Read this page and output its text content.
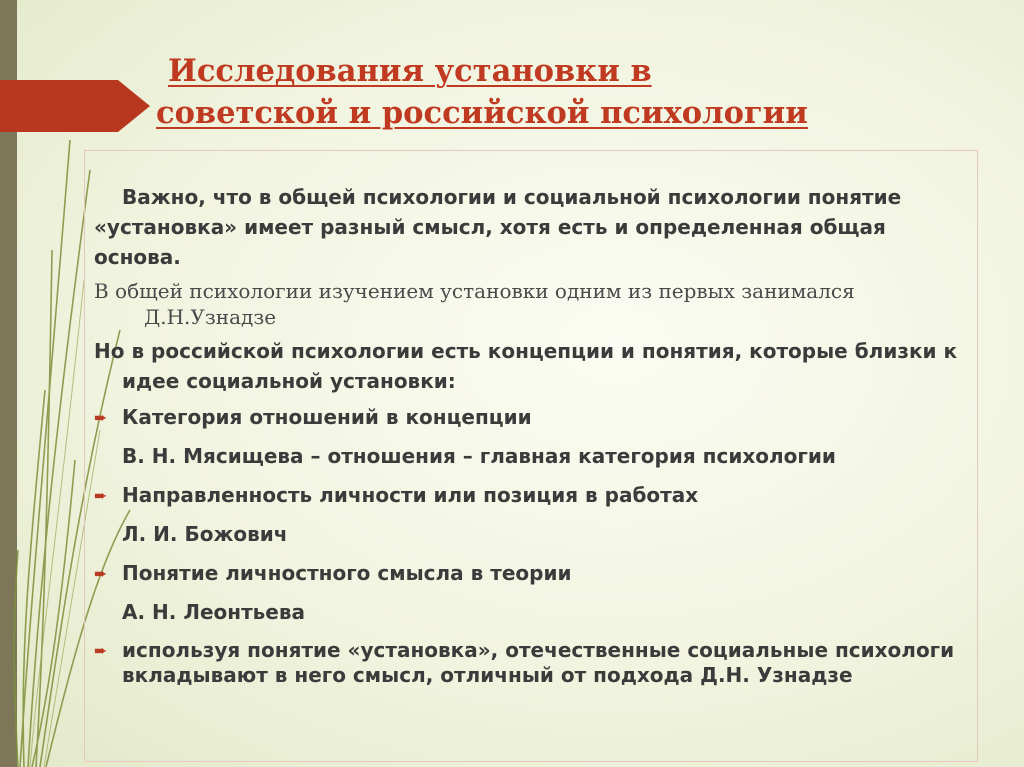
Исследования установки в
советской и российской психологии

Важно, что в общей психологии и социальной психологии понятие «установка» имеет разный смысл, хотя есть и определенная общая основа.

В общей психологии изучением установки одним из первых занимался Д.Н.Узнадзе

Но в российской психологии есть концепции и понятия, которые близки к идее социальной установки:

➨ Категория отношений в концепции
В. Н. Мясищева – отношения – главная категория психологии
➨ Направленность личности или позиция в работах
Л. И. Божович
➨ Понятие личностного смысла в теории
А. Н. Леонтьева
➨ используя понятие «установка», отечественные социальные психологи вкладывают в него смысл, отличный от подхода Д.Н. Узнадзе
